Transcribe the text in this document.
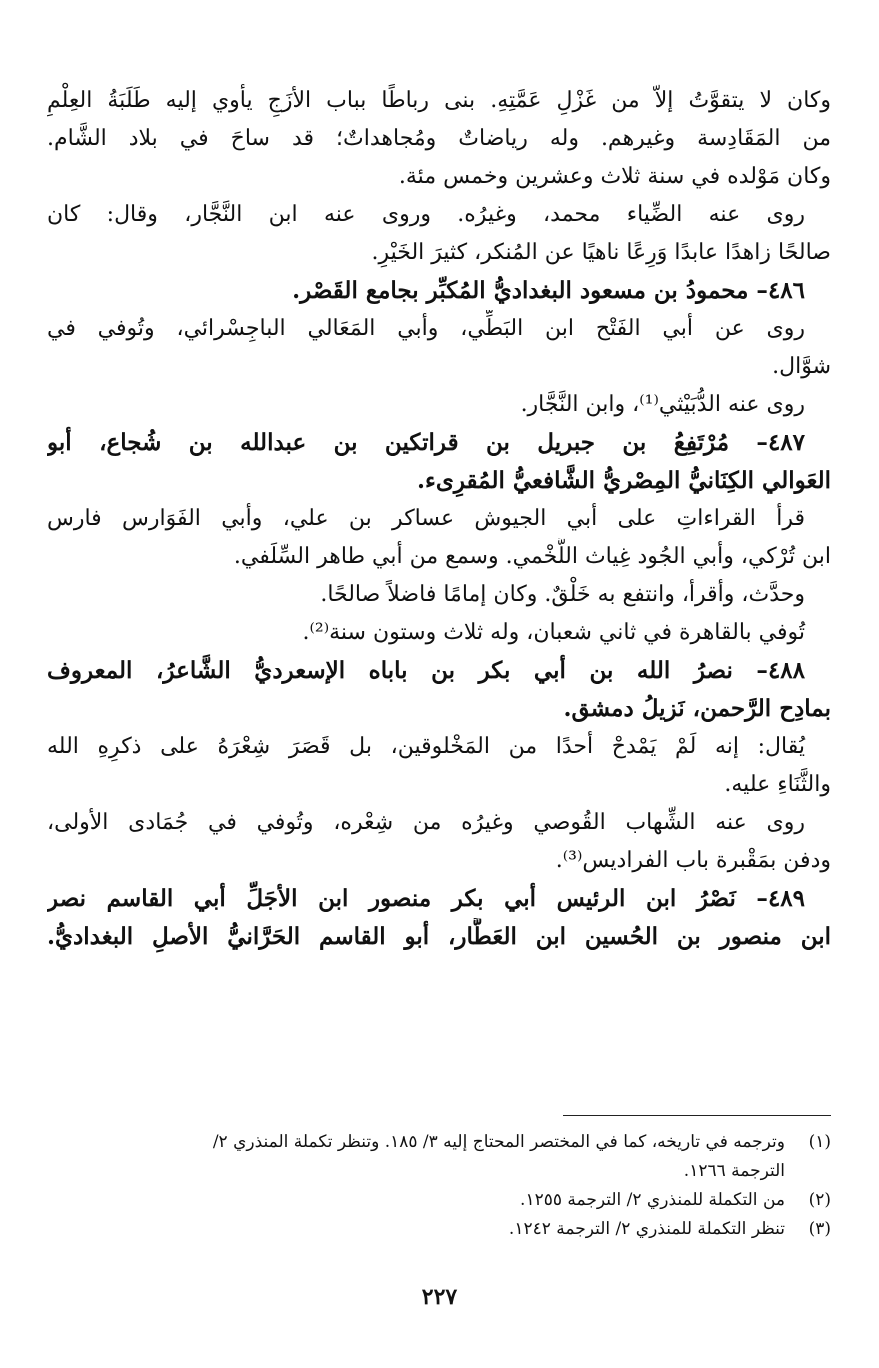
وكان لا يتقوَّتُ إلاّ من غَزْلِ عَمَّتِهِ. بنى رباطًا بباب الأزَجِ يأوي إليه طَلَبَةُ العِلْمِ
من المَقَادِسة وغيرهم. وله رياضاتٌ ومُجاهداتٌ؛ قد ساحَ في بلاد الشَّام.
وكان مَوْلده في سنة ثلاث وعشرين وخمس مئة.
روى عنه الضِّياء محمد، وغيرُه. وروى عنه ابن النَّجَّار، وقال: كان
صالحًا زاهدًا عابدًا وَرِعًا ناهيًا عن المُنكر، كثيرَ الخَيْرِ.
٤٨٦– محمودُ بن مسعود البغداديُّ المُكبِّر بجامع القَصْر.
روى عن أبي الفَتْح ابن البَطِّي، وأبي المَعَالي الباجِسْرائي، وتُوفي في
شوَّال.
روى عنه الدُّبَيْثي⁽¹⁾، وابن النَّجَّار.
٤٨٧– مُرْتَفِعُ بن جبريل بن قراتكين بن عبدالله بن شُجاع، أبو
العَوالي الكِنَانيُّ المِصْريُّ الشَّافعيُّ المُقرِىء.
قرأ القراءاتِ على أبي الجيوش عساكر بن علي، وأبي الفَوَارس فارس
ابن تُرْكي، وأبي الجُود غِياث اللَّخْمي. وسمع من أبي طاهر السِّلَفي.
وحدَّث، وأقرأ، وانتفع به خَلْقٌ. وكان إمامًا فاضلاً صالحًا.
تُوفي بالقاهرة في ثاني شعبان، وله ثلاث وستون سنة⁽²⁾.
٤٨٨– نصرُ الله بن أبي بكر بن باباه الإسعرديُّ الشَّاعرُ، المعروف
بمادِح الرَّحمن، نَزيلُ دمشق.
يُقال: إنه لَمْ يَمْدحْ أحدًا من المَخْلوقين، بل قَصَرَ شِعْرَهُ على ذكرِهِ الله
والثَّنَاءِ عليه.
روى عنه الشِّهاب القُوصي وغيرُه من شِعْره، وتُوفي في جُمَادى الأولى،
ودفن بمَقْبرة باب الفراديس⁽³⁾.
٤٨٩– نَصْرُ ابن الرئيس أبي بكر منصور ابن الأجَلِّ أبي القاسم نصر
ابن منصور بن الحُسين ابن العَطَّار، أبو القاسم الحَرَّانيُّ الأصلِ البغداديُّ.
(١)وترجمه في تاريخه، كما في المختصر المحتاج إليه ٣/ ١٨٥. وتنظر تكملة المنذري ٢/
الترجمة ١٢٦٦.
(٢)من التكملة للمنذري ٢/ الترجمة ١٢٥٥.
(٣)تنظر التكملة للمنذري ٢/ الترجمة ١٢٤٢.
٢٢٧
